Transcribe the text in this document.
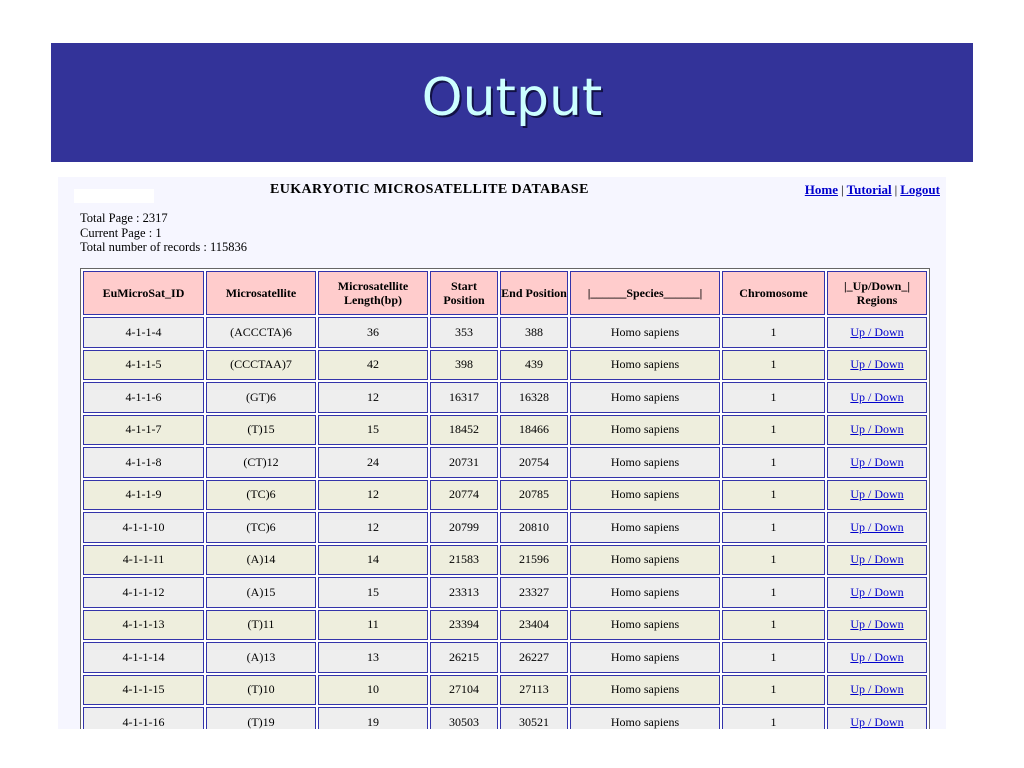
Output
EUKARYOTIC MICROSATELLITE DATABASE	Home | Tutorial | Logout
Total Page : 2317
Current Page : 1
Total number of records : 115836
EuMicroSat_ID	Microsatellite	Microsatellite Length(bp)	Start Position	End Position	|______Species______|	Chromosome	|_Up/Down_| Regions
4-1-1-4	(ACCCTA)6	36	353	388	Homo sapiens	1	Up / Down
4-1-1-5	(CCCTAA)7	42	398	439	Homo sapiens	1	Up / Down
4-1-1-6	(GT)6	12	16317	16328	Homo sapiens	1	Up / Down
4-1-1-7	(T)15	15	18452	18466	Homo sapiens	1	Up / Down
4-1-1-8	(CT)12	24	20731	20754	Homo sapiens	1	Up / Down
4-1-1-9	(TC)6	12	20774	20785	Homo sapiens	1	Up / Down
4-1-1-10	(TC)6	12	20799	20810	Homo sapiens	1	Up / Down
4-1-1-11	(A)14	14	21583	21596	Homo sapiens	1	Up / Down
4-1-1-12	(A)15	15	23313	23327	Homo sapiens	1	Up / Down
4-1-1-13	(T)11	11	23394	23404	Homo sapiens	1	Up / Down
4-1-1-14	(A)13	13	26215	26227	Homo sapiens	1	Up / Down
4-1-1-15	(T)10	10	27104	27113	Homo sapiens	1	Up / Down
4-1-1-16	(T)19	19	30503	30521	Homo sapiens	1	Up / Down
